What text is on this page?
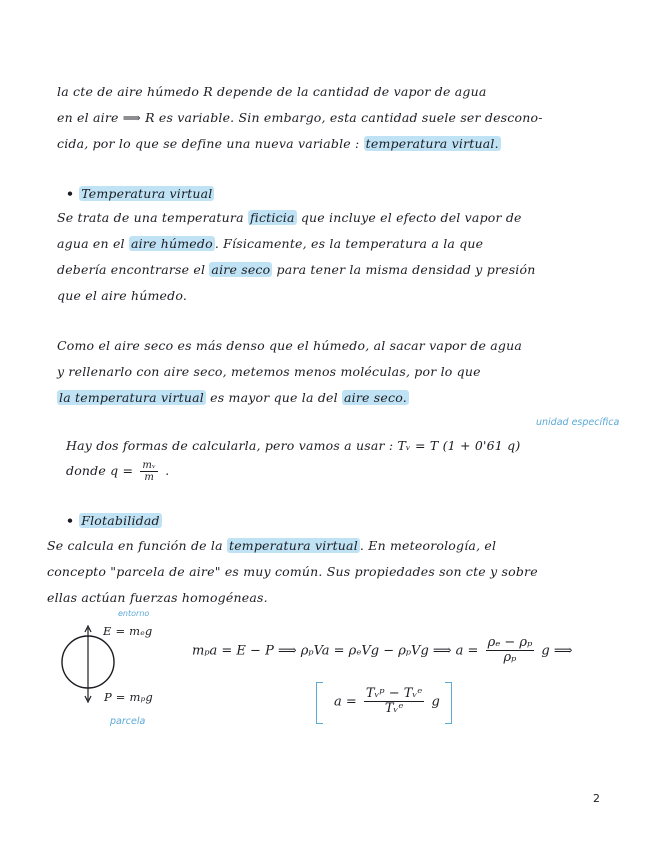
la cte de aire húmedo R depende de la cantidad de vapor de agua
en el aire ⟹ R es variable. Sin embargo, esta cantidad suele ser descono-
cida, por lo que se define una nueva variable : temperatura virtual.
• Temperatura virtual
Se trata de una temperatura ficticia que incluye el efecto del vapor de
agua en el aire húmedo . Físicamente, es la temperatura a la que
debería encontrarse el aire seco para tener la misma densidad y presión
que el aire húmedo.
Como el aire seco es más denso que el húmedo, al sacar vapor de agua
y rellenarlo con aire seco, metemos menos moléculas, por lo que
la temperatura virtual es mayor que la del aire seco.
unidad específica
Hay dos formas de calcularla, pero vamos a usar : Tᵥ = T (1 + 0'61 q)
donde $q = \frac{\text{mᵥ}}{m}$ .
• Flotabilidad
Se calcula en función de la temperatura virtual . En meteorología, el
concepto "parcela de aire" es muy común. Sus propiedades son cte y sobre
ellas actúan fuerzas homogéneas.
entorno
E = mₑg
P = mₚg
parcela
mₚa = E − P ⟹ ρₚVa = ρₑVg − ρₚVg ⟹ $a = \frac{\text{ρₑ − ρₚ}}{\text{ρₚ}}$ g ⟹
$a = \frac{\text{Tᵥᵖ − Tᵥᵉ}}{\text{Tᵥᵉ}}$ g
2
